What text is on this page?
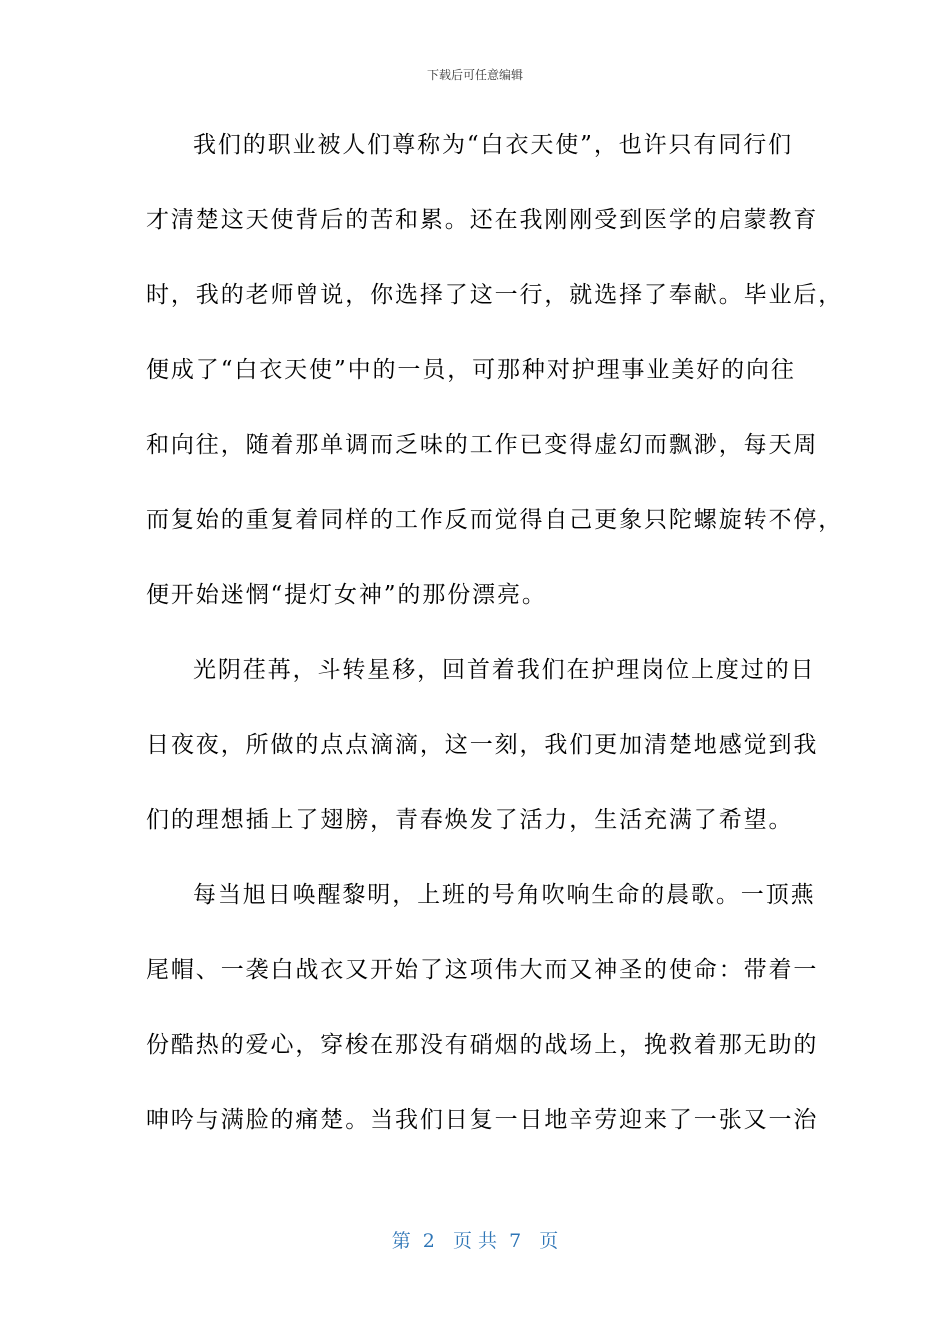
下载后可任意编辑
我们的职业被人们尊称为“白衣天使”，也许只有同行们
才清楚这天使背后的苦和累。还在我刚刚受到医学的启蒙教育
时，我的老师曾说，你选择了这一行，就选择了奉献。毕业后，
便成了“白衣天使”中的一员，可那种对护理事业美好的向往
和向往，随着那单调而乏味的工作已变得虚幻而飘渺，每天周
而复始的重复着同样的工作反而觉得自己更象只陀螺旋转不停，
便开始迷惘“提灯女神”的那份漂亮。
光阴荏苒，斗转星移，回首着我们在护理岗位上度过的日
日夜夜，所做的点点滴滴，这一刻，我们更加清楚地感觉到我
们的理想插上了翅膀，青春焕发了活力，生活充满了希望。
每当旭日唤醒黎明，上班的号角吹响生命的晨歌。一顶燕
尾帽、一袭白战衣又开始了这项伟大而又神圣的使命：带着一
份酷热的爱心，穿梭在那没有硝烟的战场上，挽救着那无助的
呻吟与满脸的痛楚。当我们日复一日地辛劳迎来了一张又一治
第  2   页 共  7   页
